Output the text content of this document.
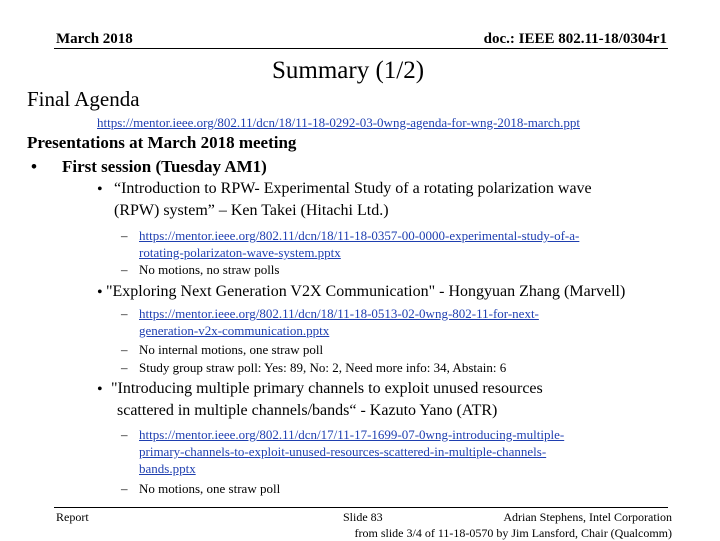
March 2018	doc.: IEEE 802.11-18/0304r1
Summary (1/2)
Final Agenda
https://mentor.ieee.org/802.11/dcn/18/11-18-0292-03-0wng-agenda-for-wng-2018-march.ppt
Presentations at March 2018 meeting
• First session (Tuesday AM1)
• “Introduction to RPW- Experimental Study of a rotating polarization wave
(RPW) system” – Ken Takei (Hitachi Ltd.)
– https://mentor.ieee.org/802.11/dcn/18/11-18-0357-00-0000-experimental-study-of-a-
rotating-polarizaton-wave-system.pptx
– No motions, no straw polls
• "Exploring Next Generation V2X Communication" - Hongyuan Zhang (Marvell)
– https://mentor.ieee.org/802.11/dcn/18/11-18-0513-02-0wng-802-11-for-next-
generation-v2x-communication.pptx
– No internal motions, one straw poll
– Study group straw poll: Yes: 89, No: 2, Need more info: 34, Abstain: 6
• "Introducing multiple primary channels to exploit unused resources
scattered in multiple channels/bands“ - Kazuto Yano (ATR)
– https://mentor.ieee.org/802.11/dcn/17/11-17-1699-07-0wng-introducing-multiple-
primary-channels-to-exploit-unused-resources-scattered-in-multiple-channels-
bands.pptx
– No motions, one straw poll
Report	Slide 83	Adrian Stephens, Intel Corporation
from slide 3/4 of 11-18-0570 by Jim Lansford, Chair (Qualcomm)
